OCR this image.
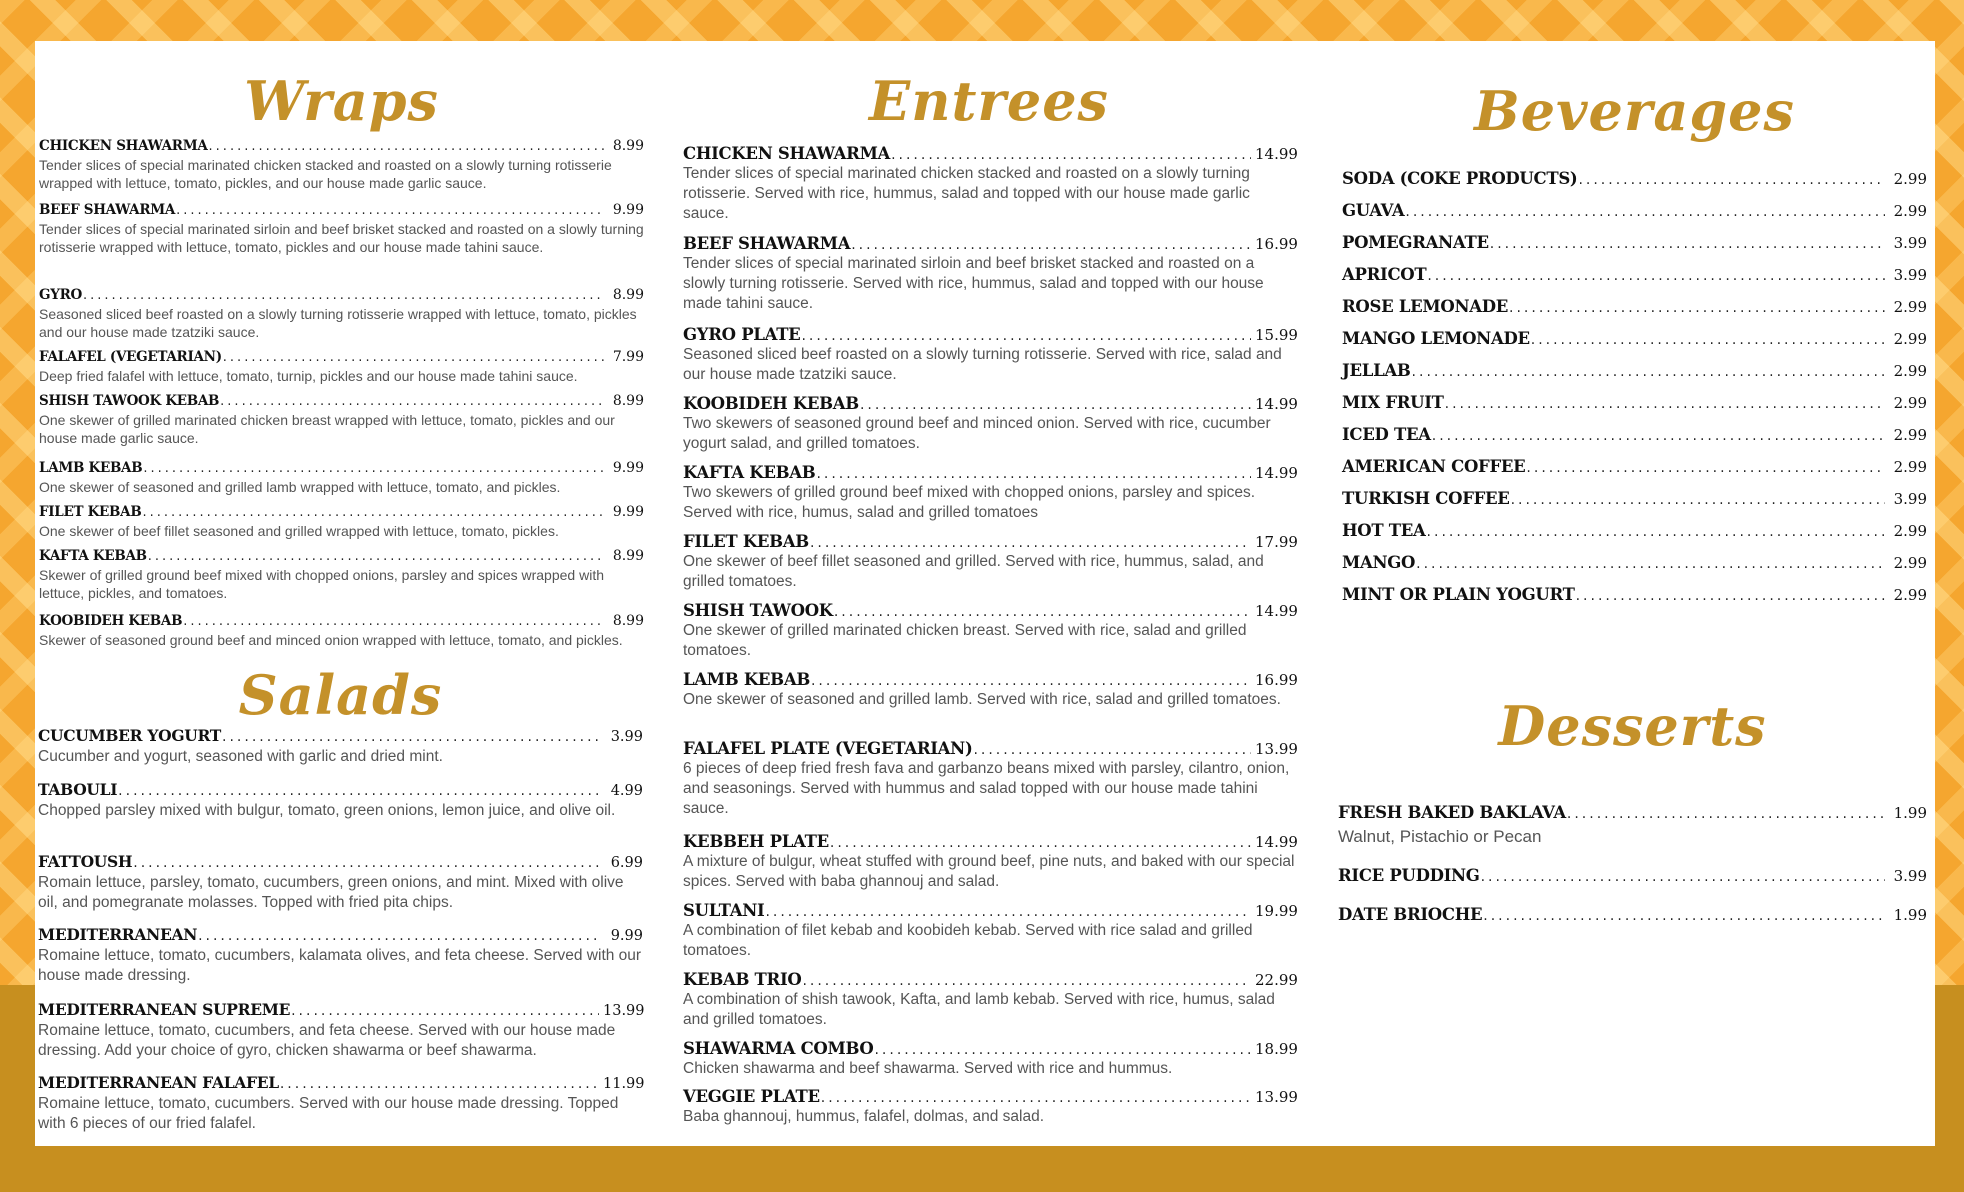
Wraps
CHICKEN SHAWARMA .....	8.99
Tender slices of special marinated chicken stacked and roasted on a slowly turning rotisserie wrapped with lettuce, tomato, pickles, and our house made garlic sauce.
BEEF SHAWARMA .....	9.99
Tender slices of special marinated sirloin and beef brisket stacked and roasted on a slowly turning rotisserie wrapped with lettuce, tomato, pickles and our house made tahini sauce.
GYRO .....	8.99
Seasoned sliced beef roasted on a slowly turning rotisserie wrapped with lettuce, tomato, pickles and our house made tzatziki sauce.
FALAFEL (VEGETARIAN) .....	7.99
Deep fried falafel with lettuce, tomato, turnip, pickles and our house made tahini sauce.
SHISH TAWOOK KEBAB .....	8.99
One skewer of grilled marinated chicken breast wrapped with lettuce, tomato, pickles and our house made garlic sauce.
LAMB KEBAB .....	9.99
One skewer of seasoned and grilled lamb wrapped with lettuce, tomato, and pickles.
FILET KEBAB .....	9.99
One skewer of beef fillet seasoned and grilled wrapped with lettuce, tomato, pickles.
KAFTA KEBAB .....	8.99
Skewer of grilled ground beef mixed with chopped onions, parsley and spices wrapped with lettuce, pickles, and tomatoes.
KOOBIDEH KEBAB .....	8.99
Skewer of seasoned ground beef and minced onion wrapped with lettuce, tomato, and pickles.
Salads
CUCUMBER YOGURT .....	3.99
Cucumber and yogurt, seasoned with garlic and dried mint.
TABOULI .....	4.99
Chopped parsley mixed with bulgur, tomato, green onions, lemon juice, and olive oil.
FATTOUSH .....	6.99
Romain lettuce, parsley, tomato, cucumbers, green onions, and mint. Mixed with olive oil, and pomegranate molasses. Topped with fried pita chips.
MEDITERRANEAN .....	9.99
Romaine lettuce, tomato, cucumbers, kalamata olives, and feta cheese. Served with our house made dressing.
MEDITERRANEAN SUPREME .....	13.99
Romaine lettuce, tomato, cucumbers, and feta cheese. Served with our house made dressing. Add your choice of gyro, chicken shawarma or beef shawarma.
MEDITERRANEAN FALAFEL .....	11.99
Romaine lettuce, tomato, cucumbers. Served with our house made dressing. Topped with 6 pieces of our fried falafel.
Entrees
CHICKEN SHAWARMA .....	14.99
Tender slices of special marinated chicken stacked and roasted on a slowly turning rotisserie. Served with rice, hummus, salad and topped with our house made garlic sauce.
BEEF SHAWARMA .....	16.99
Tender slices of special marinated sirloin and beef brisket stacked and roasted on a slowly turning rotisserie. Served with rice, hummus, salad and topped with our house made tahini sauce.
GYRO PLATE .....	15.99
Seasoned sliced beef roasted on a slowly turning rotisserie. Served with rice, salad and our house made tzatziki sauce.
KOOBIDEH KEBAB .....	14.99
Two skewers of seasoned ground beef and minced onion. Served with rice, cucumber yogurt salad, and grilled tomatoes.
KAFTA KEBAB .....	14.99
Two skewers of grilled ground beef mixed with chopped onions, parsley and spices. Served with rice, humus, salad and grilled tomatoes
FILET KEBAB .....	17.99
One skewer of beef fillet seasoned and grilled. Served with rice, hummus, salad, and grilled tomatoes.
SHISH TAWOOK .....	14.99
One skewer of grilled marinated chicken breast. Served with rice, salad and grilled tomatoes.
LAMB KEBAB .....	16.99
One skewer of seasoned and grilled lamb. Served with rice, salad and grilled tomatoes.
FALAFEL PLATE (VEGETARIAN) .....	13.99
6 pieces of deep fried fresh fava and garbanzo beans mixed with parsley, cilantro, onion, and seasonings. Served with hummus and salad topped with our house made tahini sauce.
KEBBEH PLATE .....	14.99
A mixture of bulgur, wheat stuffed with ground beef, pine nuts, and baked with our special spices. Served with baba ghannouj and salad.
SULTANI .....	19.99
A combination of filet kebab and koobideh kebab. Served with rice salad and grilled tomatoes.
KEBAB TRIO .....	22.99
A combination of shish tawook, Kafta, and lamb kebab. Served with rice, humus, salad and grilled tomatoes.
SHAWARMA COMBO .....	18.99
Chicken shawarma and beef shawarma. Served with rice and hummus.
VEGGIE PLATE .....	13.99
Baba ghannouj, hummus, falafel, dolmas, and salad.
Beverages
SODA (COKE PRODUCTS) .....	2.99
GUAVA .....	2.99
POMEGRANATE .....	3.99
APRICOT .....	3.99
ROSE LEMONADE .....	2.99
MANGO LEMONADE .....	2.99
JELLAB .....	2.99
MIX FRUIT .....	2.99
ICED TEA .....	2.99
AMERICAN COFFEE .....	2.99
TURKISH COFFEE .....	3.99
HOT TEA .....	2.99
MANGO .....	2.99
MINT OR PLAIN YOGURT .....	2.99
Desserts
FRESH BAKED BAKLAVA .....	1.99
Walnut, Pistachio or Pecan
RICE PUDDING .....	3.99
DATE BRIOCHE .....	1.99
